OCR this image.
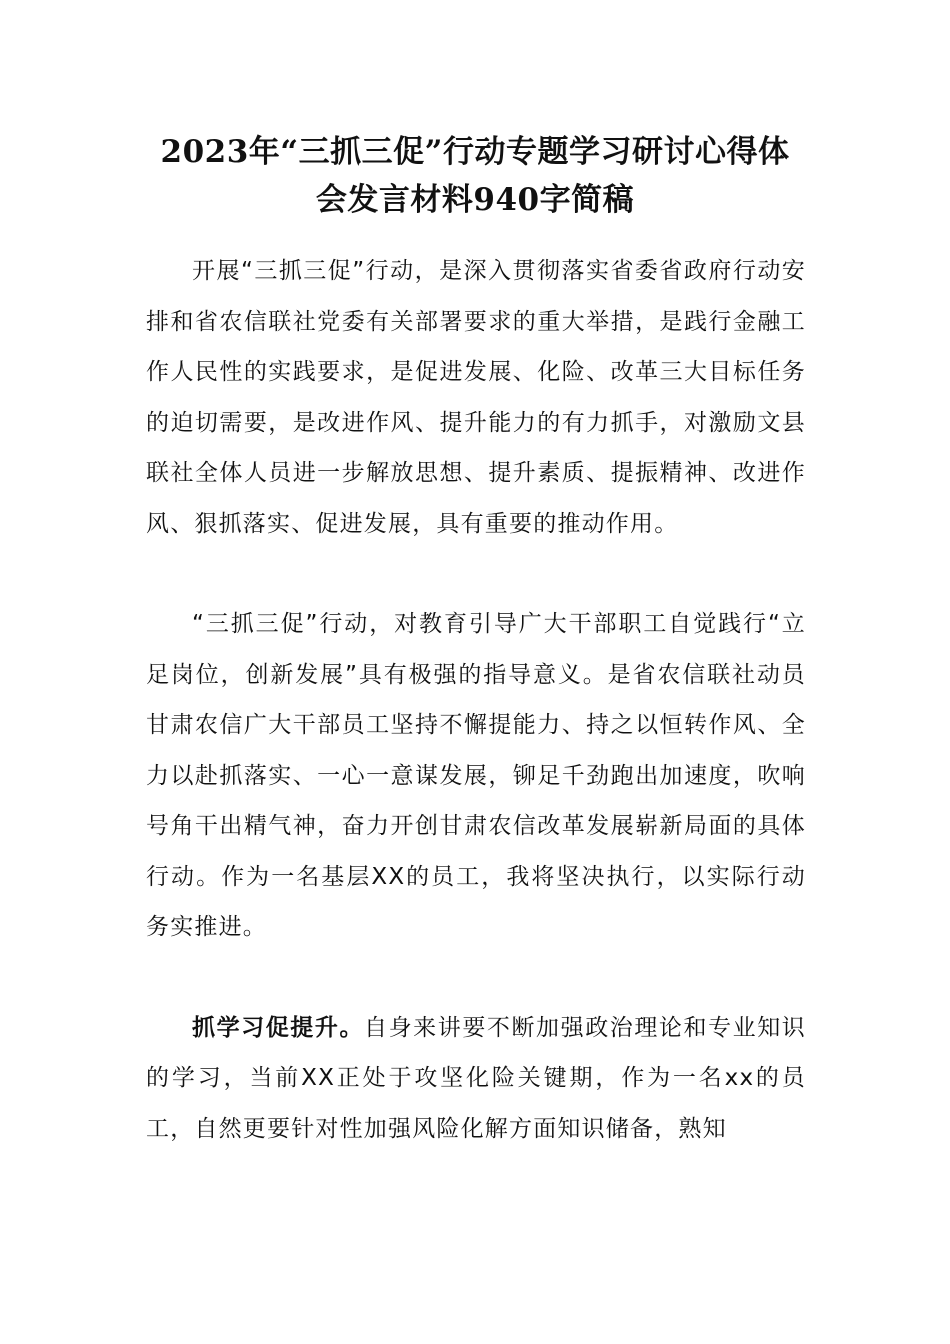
2023年“三抓三促”行动专题学习研讨心得体
会发言材料940字简稿

开展“三抓三促”行动，是深入贯彻落实省委省政府行动安排和省农信联社党委有关部署要求的重大举措，是践行金融工作人民性的实践要求，是促进发展、化险、改革三大目标任务的迫切需要，是改进作风、提升能力的有力抓手，对激励文县联社全体人员进一步解放思想、提升素质、提振精神、改进作风、狠抓落实、促进发展，具有重要的推动作用。

“三抓三促”行动，对教育引导广大干部职工自觉践行“立足岗位，创新发展”具有极强的指导意义。是省农信联社动员甘肃农信广大干部员工坚持不懈提能力、持之以恒转作风、全力以赴抓落实、一心一意谋发展，铆足千劲跑出加速度，吹响号角干出精气神，奋力开创甘肃农信改革发展崭新局面的具体行动。作为一名基层XX的员工，我将坚决执行，以实际行动务实推进。

抓学习促提升。自身来讲要不断加强政治理论和专业知识的学习，当前XX正处于攻坚化险关键期，作为一名xx的员工，自然更要针对性加强风险化解方面知识储备，熟知
